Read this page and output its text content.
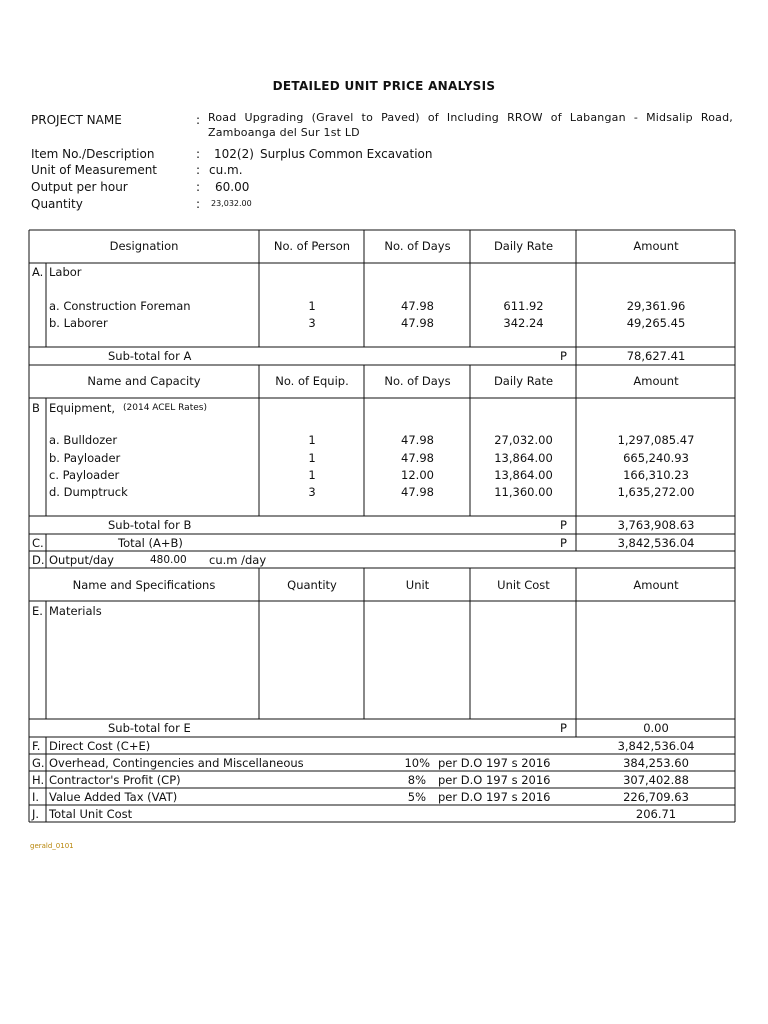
DETAILED UNIT PRICE ANALYSIS
PROJECT NAME	: Road Upgrading (Gravel to Paved) of Including RROW of Labangan - Midsalip Road, Zamboanga del Sur 1st LD
Item No./Description	: 102(2) Surplus Common Excavation
Unit of Measurement	: cu.m.
Output per hour	: 60.00
Quantity	: 23,032.00
Designation	No. of Person	No. of Days	Daily Rate	Amount
A. Labor
a. Construction Foreman	1	47.98	611.92	29,361.96
b. Laborer	3	47.98	342.24	49,265.45
Sub-total for A	P	78,627.41
Name and Capacity	No. of Equip.	No. of Days	Daily Rate	Amount
B Equipment, (2014 ACEL Rates)
a. Bulldozer	1	47.98	27,032.00	1,297,085.47
b. Payloader	1	47.98	13,864.00	665,240.93
c. Payloader	1	12.00	13,864.00	166,310.23
d. Dumptruck	3	47.98	11,360.00	1,635,272.00
Sub-total for B	P	3,763,908.63
C.	Total (A+B)	P	3,842,536.04
D. Output/day	480.00 cu.m /day
Name and Specifications	Quantity	Unit	Unit Cost	Amount
E. Materials
Sub-total for E	P	0.00
F. Direct Cost (C+E)	3,842,536.04
G. Overhead, Contingencies and Miscellaneous	10% per D.O 197 s 2016	384,253.60
H. Contractor's Profit (CP)	8% per D.O 197 s 2016	307,402.88
I. Value Added Tax (VAT)	5% per D.O 197 s 2016	226,709.63
J. Total Unit Cost	206.71
gerald_0101
